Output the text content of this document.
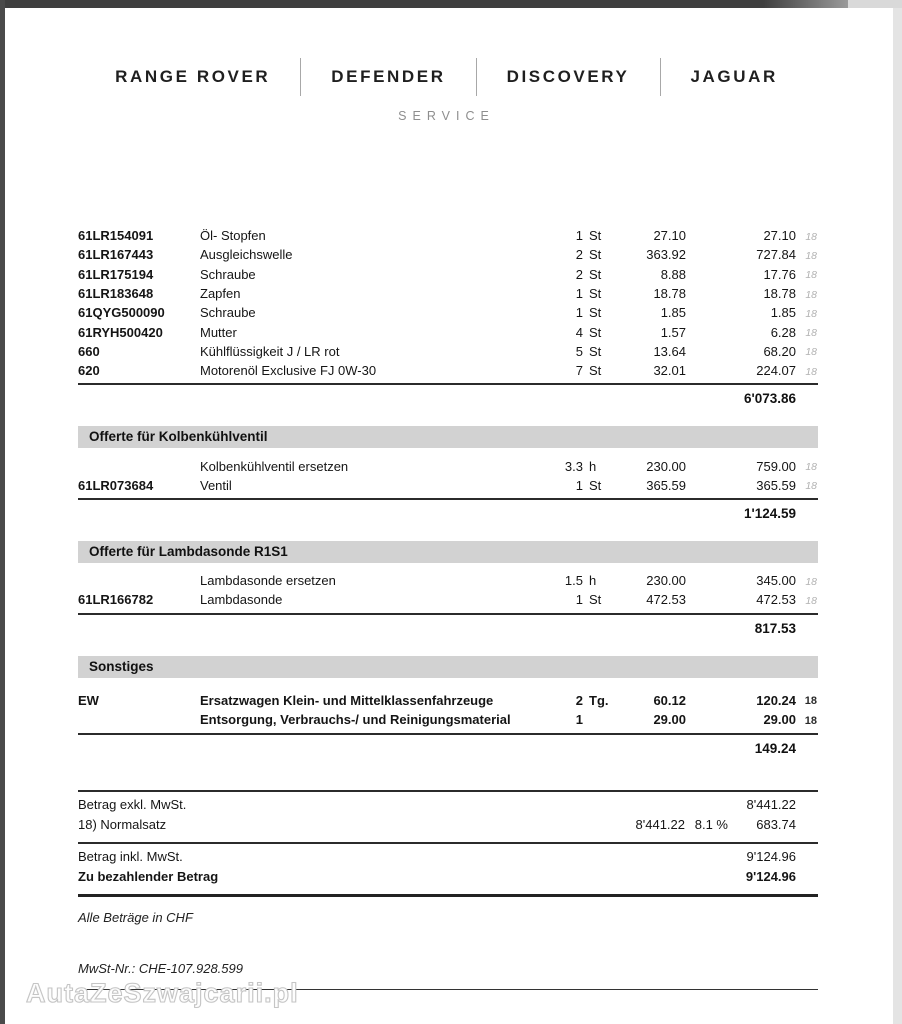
RANGE ROVER	DEFENDER	DISCOVERY	JAGUAR
SERVICE
61LR154091	Öl- Stopfen	1 St	27.10	27.10 18
61LR167443	Ausgleichswelle	2 St	363.92	727.84 18
61LR175194	Schraube	2 St	8.88	17.76 18
61LR183648	Zapfen	1 St	18.78	18.78 18
61QYG500090	Schraube	1 St	1.85	1.85 18
61RYH500420	Mutter	4 St	1.57	6.28 18
660	Kühlflüssigkeit J / LR rot	5 St	13.64	68.20 18
620	Motorenöl Exclusive FJ 0W-30	7 St	32.01	224.07 18
6'073.86
Offerte für Kolbenkühlventil
Kolbenkühlventil ersetzen	3.3 h	230.00	759.00 18
61LR073684	Ventil	1 St	365.59	365.59 18
1'124.59
Offerte für Lambdasonde R1S1
Lambdasonde ersetzen	1.5 h	230.00	345.00 18
61LR166782	Lambdasonde	1 St	472.53	472.53 18
817.53
Sonstiges
EW	Ersatzwagen Klein- und Mittelklassenfahrzeuge	2 Tg.	60.12	120.24 18
Entsorgung, Verbrauchs-/ und Reinigungsmaterial	1	29.00	29.00 18
149.24
Betrag exkl. MwSt.	8'441.22
18) Normalsatz	8'441.22 8.1 %	683.74
Betrag inkl. MwSt.	9'124.96
Zu bezahlender Betrag	9'124.96
Alle Beträge in CHF
MwSt-Nr.: CHE-107.928.599
AutaZeSzwajcarii.pl
